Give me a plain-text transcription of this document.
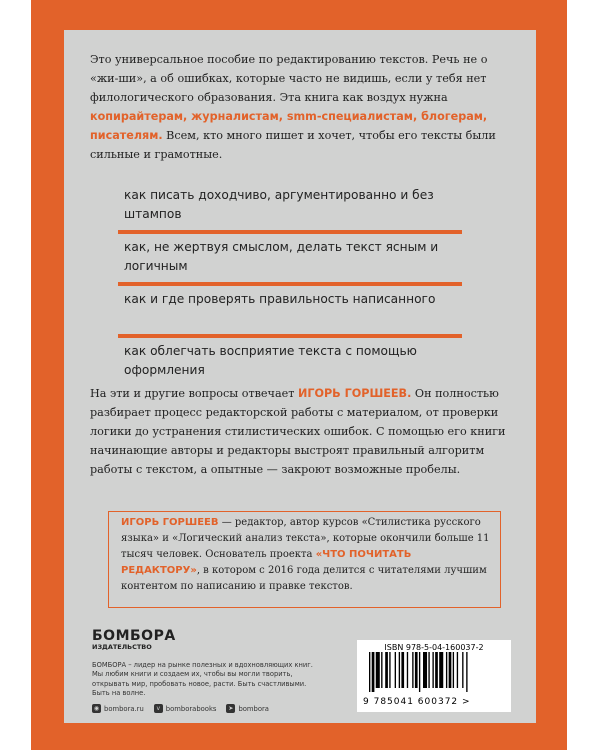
Это универсальное пособие по редактированию текстов. Речь не о «жи-ши», а об ошибках, которые часто не видишь, если у тебя нет филологического образования. Эта книга как воздух нужна копирайтерам, журналистам, smm-специалистам, блогерам, писателям. Всем, кто много пишет и хочет, чтобы его тексты были сильные и грамотные.
как писать доходчиво, аргументированно и без штампов
как, не жертвуя смыслом, делать текст ясным и логичным
как и где проверять правильность написанного
как облегчать восприятие текста с помощью оформления
На эти и другие вопросы отвечает ИГОРЬ ГОРШЕЕВ. Он полностью разбирает процесс редакторской работы с материалом, от проверки логики до устранения стилистических ошибок. С помощью его книги начинающие авторы и редакторы выстроят правильный алгоритм работы с текстом, а опытные — закроют возможные пробелы.
ИГОРЬ ГОРШЕЕВ — редактор, автор курсов «Стилистика русского языка» и «Логический анализ текста», которые окончили больше 11 тысяч человек. Основатель проекта «ЧТО ПОЧИТАТЬ РЕДАКТОРУ», в котором с 2016 года делится с читателями лучшим контентом по написанию и правке текстов.
БОМБОРА
ИЗДАТЕЛЬСТВО
БОМБОРА – лидер на рынке полезных и вдохновляющих книг. Мы любим книги и создаем их, чтобы вы могли творить, открывать мир, пробовать новое, расти. Быть счастливыми. Быть на волне.
◉ bombora.ru	v bomborabooks	➤ bombora
ISBN 978-5-04-160037-2
9 785041 600372 >
